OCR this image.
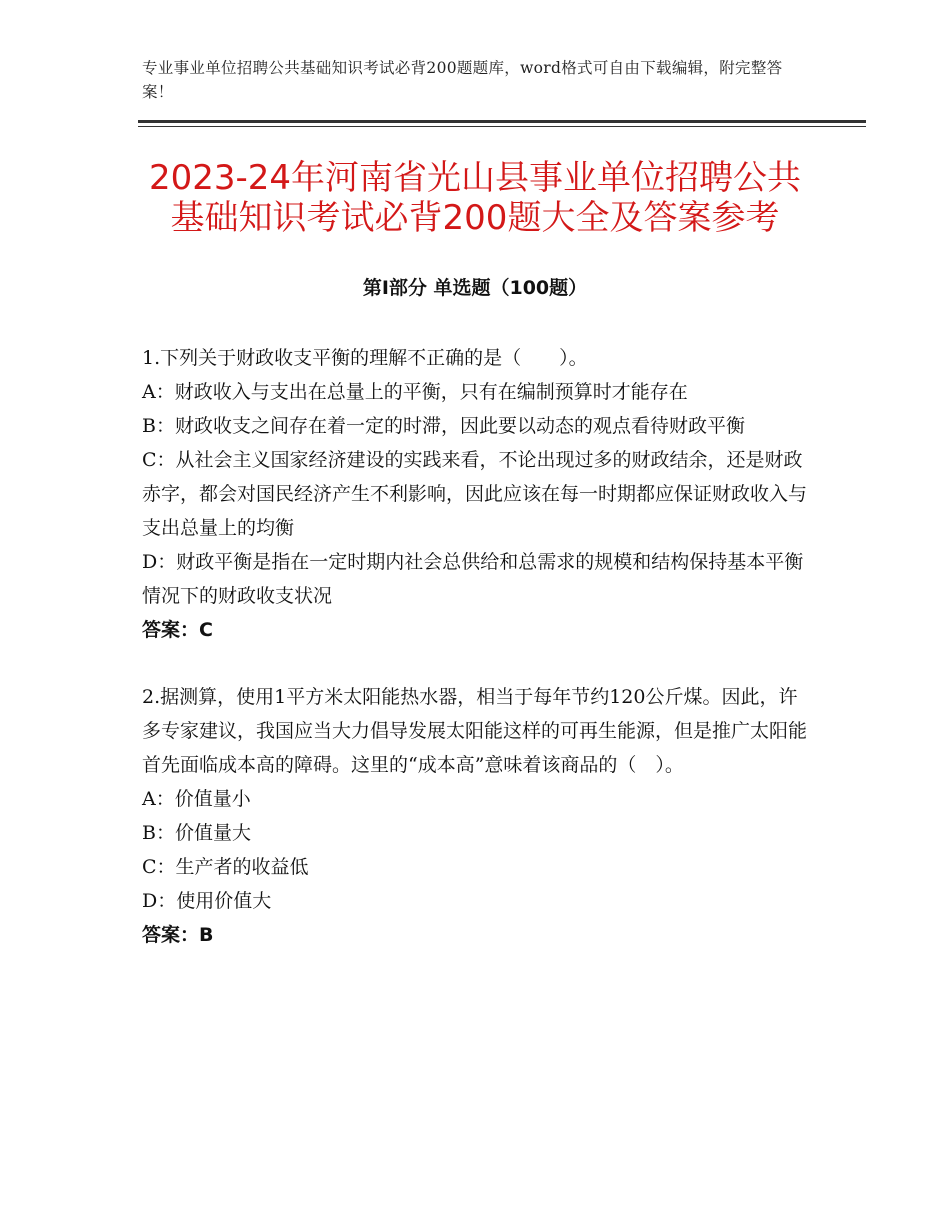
专业事业单位招聘公共基础知识考试必背200题题库，word格式可自由下载编辑，附完整答案！
2023-24年河南省光山县事业单位招聘公共
基础知识考试必背200题大全及答案参考
第Ⅰ部分 单选题（100题）

1.下列关于财政收支平衡的理解不正确的是（　　）。

A：财政收入与支出在总量上的平衡，只有在编制预算时才能存在

B：财政收支之间存在着一定的时滞，因此要以动态的观点看待财政平衡

C：从社会主义国家经济建设的实践来看，不论出现过多的财政结余，还是财政赤字，都会对国民经济产生不利影响，因此应该在每一时期都应保证财政收入与支出总量上的均衡

D：财政平衡是指在一定时期内社会总供给和总需求的规模和结构保持基本平衡情况下的财政收支状况

答案：C

2.据测算，使用1平方米太阳能热水器，相当于每年节约120公斤煤。因此，许多专家建议，我国应当大力倡导发展太阳能这样的可再生能源，但是推广太阳能首先面临成本高的障碍。这里的“成本高”意味着该商品的（　）。

A：价值量小

B：价值量大

C：生产者的收益低

D：使用价值大

答案：B
